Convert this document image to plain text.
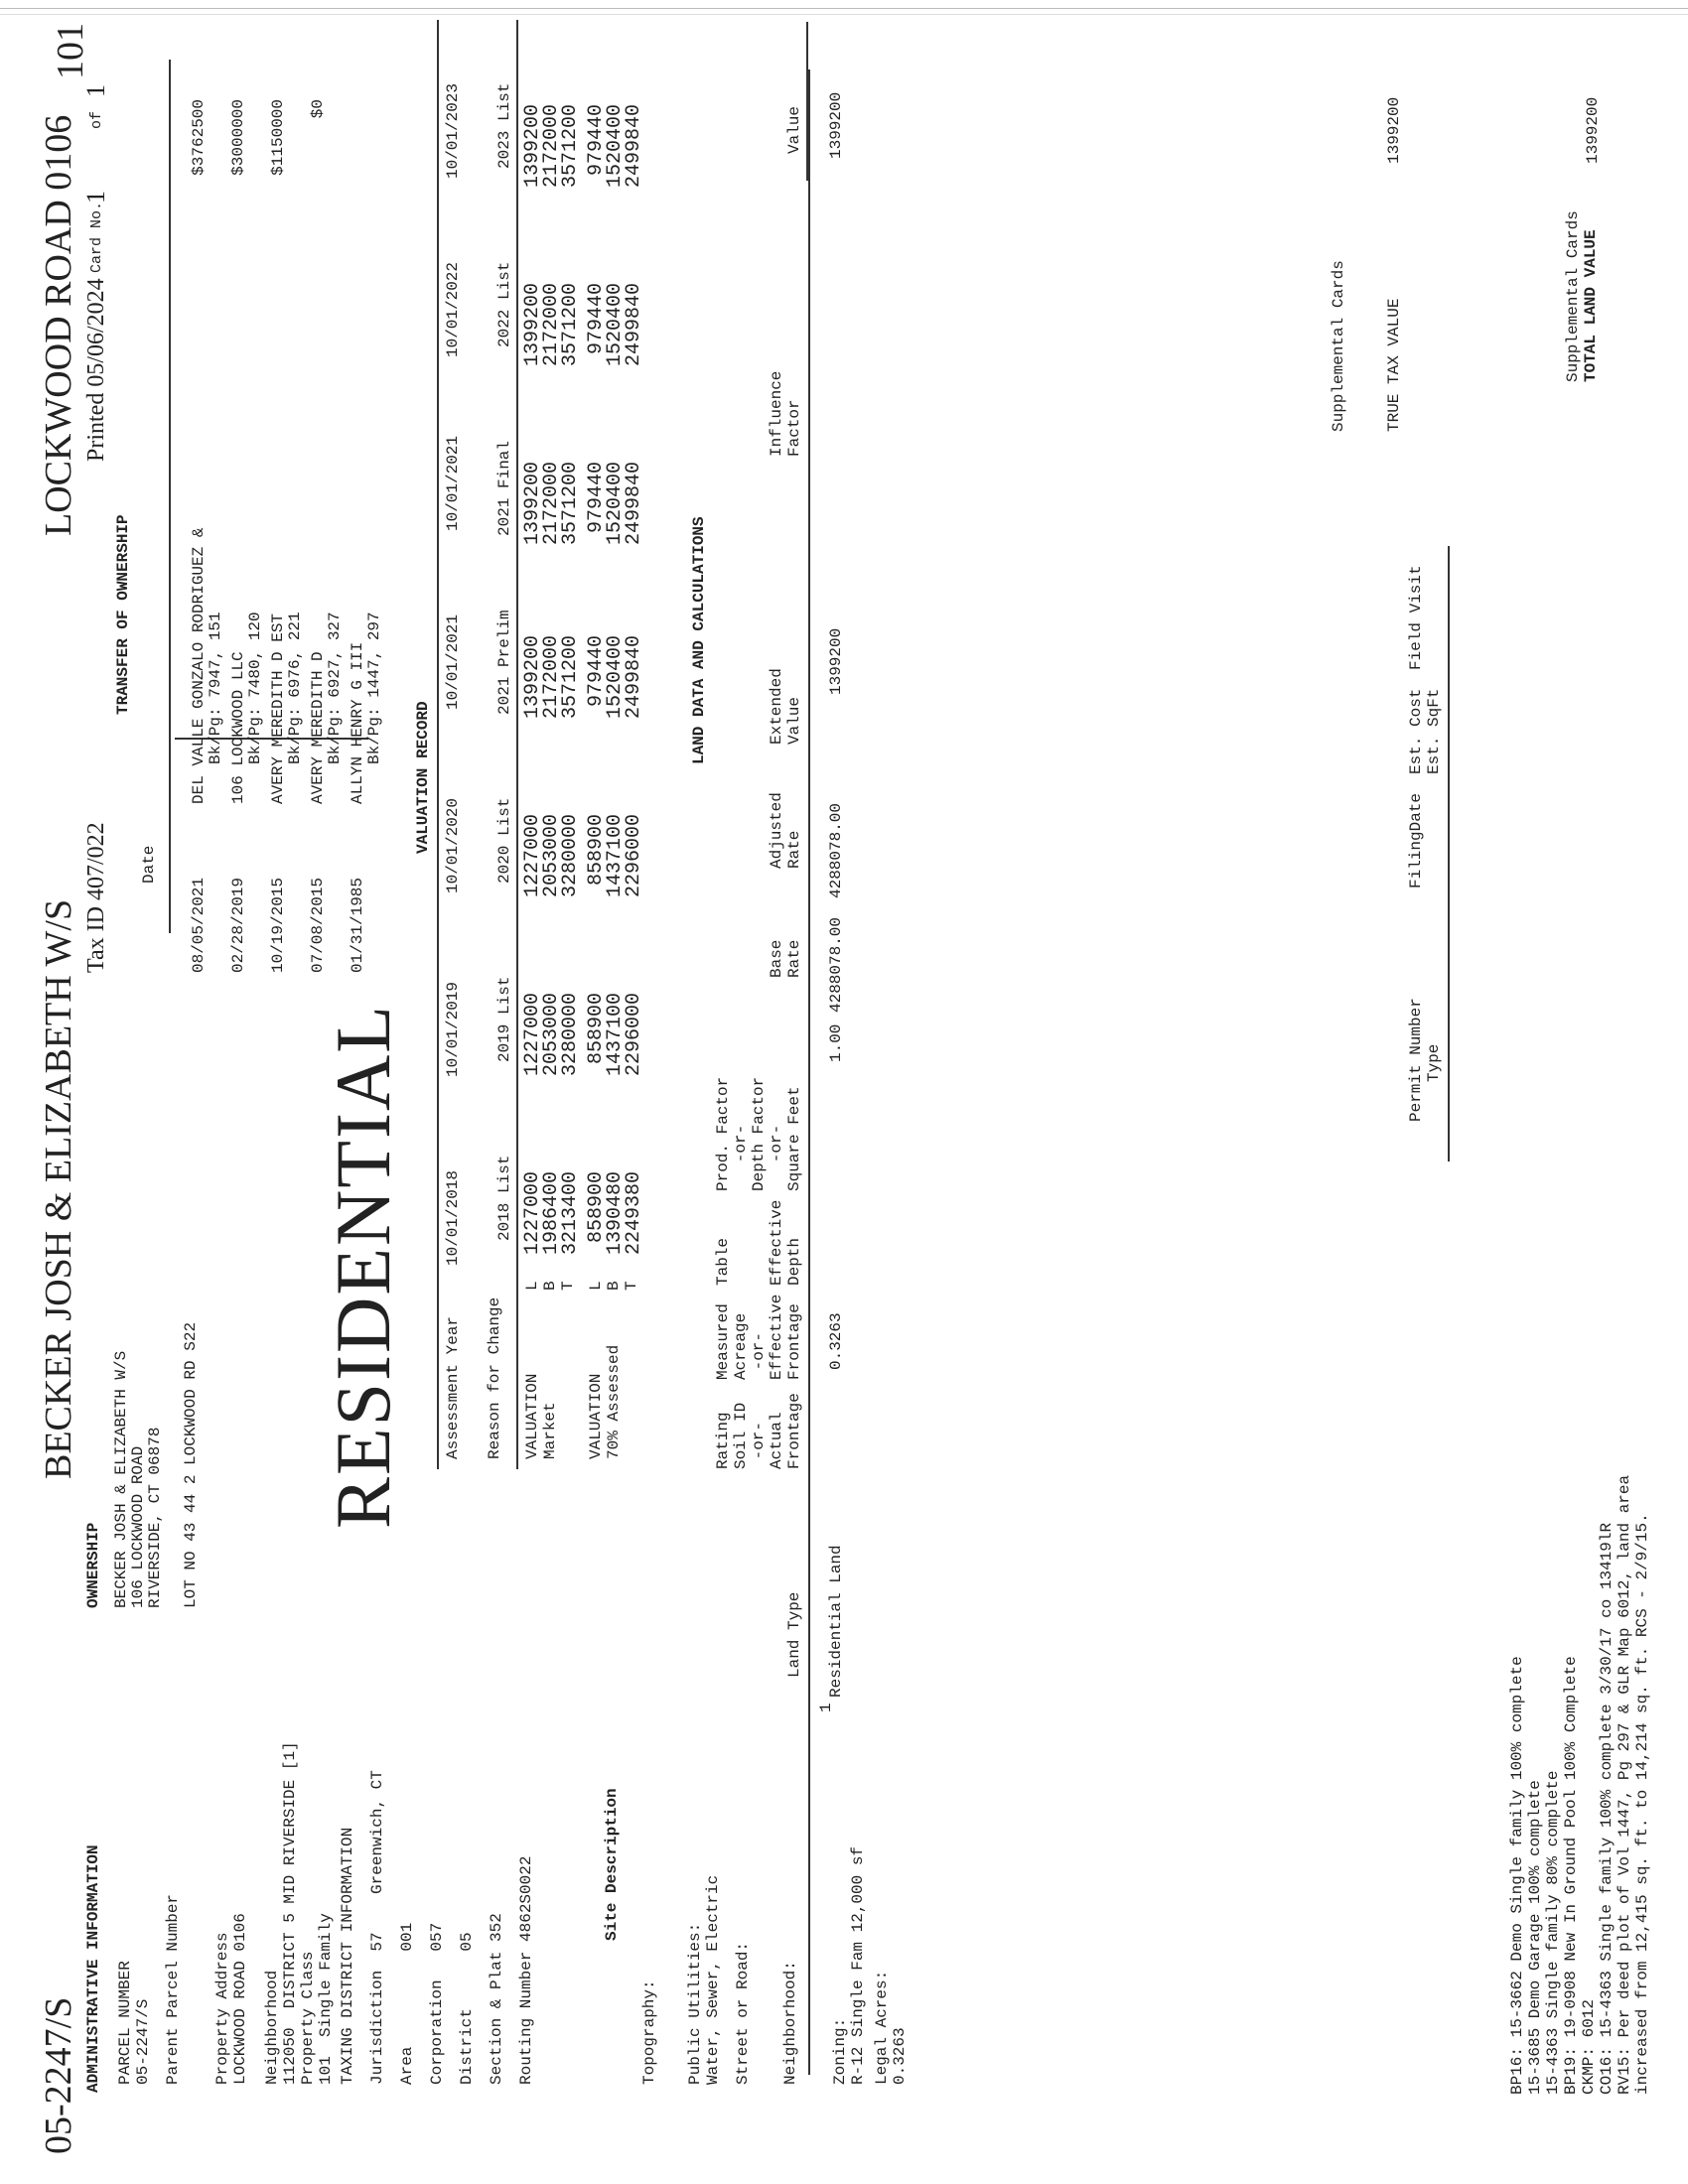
05-2247/S
BECKER JOSH & ELIZABETH W/S
LOCKWOOD ROAD 0106
101
Tax ID 407/022
Printed 05/06/2024
Card No.
1
of
1
ADMINISTRATIVE INFORMATION PARCEL NUMBER 05-2247/S Parent Parcel Number Property Address LOCKWOOD ROAD 0106 Neighborhood 112050  DISTRICT 5 MID RIVERSIDE [1] Property Class 101  Single Family TAXING DISTRICT INFORMATION Jurisdiction  57    Greenwich, CT Area          001 Corporation   057 District      05 Section & Plat 352 Routing Number 4862S0022
OWNERSHIP BECKER JOSH & ELIZABETH W/S 106 LOCKWOOD ROAD RIVERSIDE, CT 06878 LOT NO 43 44 2 LOCKWOOD RD S22 RESIDENTIAL
TRANSFER OF OWNERSHIP
Date
08/05/2021
DEL VALLE GONZALO RODRIGUEZ & Bk/Pg: 7947, 151
$3762500
02/28/2019
106 LOCKWOOD LLC Bk/Pg: 7480, 120
$3000000
10/19/2015
AVERY MEREDITH D EST Bk/Pg: 6976, 221
$1150000
07/08/2015
AVERY MEREDITH D Bk/Pg: 6927, 327
$0
01/31/1985
ALLYN HENRY G III Bk/Pg: 1447, 297
VALUATION RECORD
Assessment Year Reason for Change
10/01/2018
10/01/2019
10/01/2020
10/01/2021
10/01/2021
10/01/2022
10/01/2023
2018 List
2019 List
2020 List
2021 Prelim
2021 Final
2022 List
2023 List
VALUATION Market VALUATION 70% Assessed
L B T L B T
1227000
1986400
3213400
1227000
2053000
3280000
1227000
2053000
3280000
1399200
2172000
3571200
1399200
2172000
3571200
1399200
2172000
3571200
1399200
2172000
3571200
858900
1390480
2249380
858900
1437100
2296000
858900
1437100
2296000
979440
1520400
2499840
979440
1520400
2499840
979440
1520400
2499840
979440
1520400
2499840
Site Description
Topography: Public Utilities: Water, Sewer, Electric Street or Road: Neighborhood: Zoning: R-12 Single Fam 12,000 sf Legal Acres: 0.3263
LAND DATA AND CALCULATIONS
Rating
Soil ID
-or-
Actual
Frontage
Measured
Acreage
-or-
Effective
Frontage
Table

Effective
Depth
Prod. Factor
-or-
Depth Factor
-or-
Square Feet
Base
Rate
Adjusted
Rate
Extended
Value
Influence
Factor
Value
Land Type
1
Residential Land
0.3263
1.00
4288078.00
4288078.00
1399200
1399200
Permit Number Type
FilingDate
Est. Cost Est. SqFt
Field Visit
BP16: 15-3662 Demo Single family 100% complete 15-3685 Demo Garage 100% complete 15-4363 Single family 80% complete BP19: 19-0908 New In Ground Pool 100% Complete CKMP: 6012 CO16: 15-4363 Single family 100% complete 3/30/17 co 13419lR RV15: Per deed plot of Vol 1447, Pg 297 & GLR Map 6012, land area increased from 12,415 sq. ft. to 14,214 sq. ft. RCS - 2/9/15.
Supplemental Cards TRUE TAX VALUE
1399200
Supplemental Cards TOTAL LAND VALUE
1399200
